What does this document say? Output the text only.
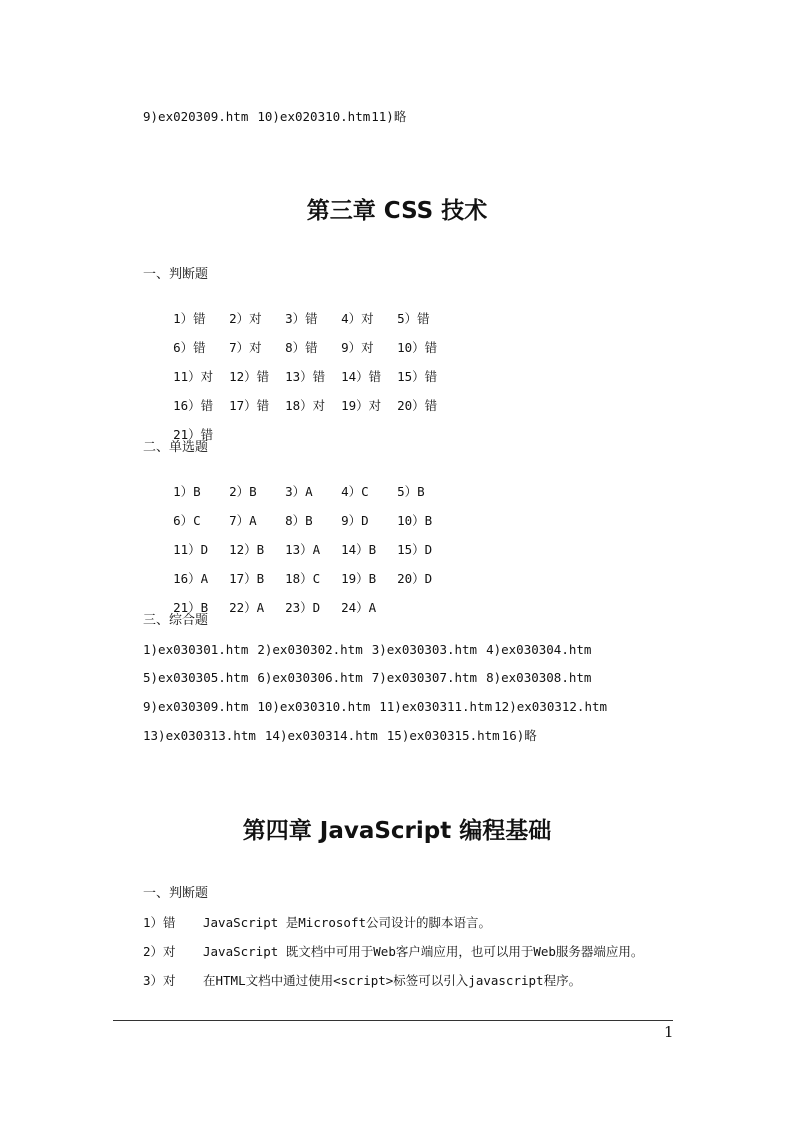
9)ex020309.htm 10)ex020310.htm11)略

第三章 CSS 技术

一、判断题

1）错 2）对 3）错 4）对 5）错

6）错 7）对 8）错 9）对 10）错

11）对 12）错 13）错 14）错 15）错

16）错 17）错 18）对 19）对 20）错

21）错

二、单选题

1）B 2）B 3）A 4）C 5）B

6）C 7）A 8）B 9）D 10）B

11）D 12）B 13）A 14）B 15）D

16）A 17）B 18）C 19）B 20）D

21）B 22）A 23）D 24）A

三、综合题

1)ex030301.htm 2)ex030302.htm 3)ex030303.htm 4)ex030304.htm

5)ex030305.htm 6)ex030306.htm 7)ex030307.htm 8)ex030308.htm

9)ex030309.htm 10)ex030310.htm 11)ex030311.htm 12)ex030312.htm

13)ex030313.htm 14)ex030314.htm 15)ex030315.htm 16)略

第四章 JavaScript 编程基础

一、判断题

1）错 JavaScript 是Microsoft公司设计的脚本语言。

2）对 JavaScript 既文档中可用于Web客户端应用，也可以用于Web服务器端应用。

3）对 在HTML文档中通过使用<script>标签可以引入javascript程序。

1
